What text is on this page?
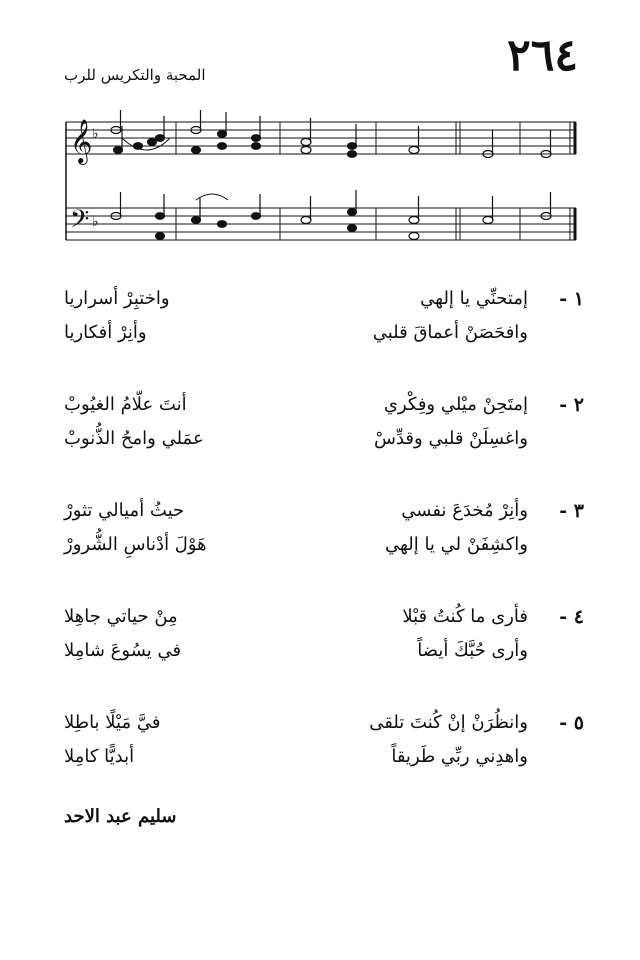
٢٦٤
المحبة والتكريس للرب
𝄞
𝄢
♭
♭
١ -
إمتحنِّي يا إلهي
واختبِرْ أسراريا
وافحَصَنْ أعماقَ قلبي
وأنِرْ أفكاريا
٢ -
إمتَحِنْ ميْلي وفِكْري
أنتَ علّامُ الغيُوبْ
واغسِلَنْ قلبي وقدِّسْ
عمَلي وامحُ الذُّنوبْ
٣ -
وأنِرْ مُخدَعَ نفسي
حيثُ أميالي تثورْ
واكشِفَنْ لي يا إلهي
هَوْلَ أدْناسِ الشُّرورْ
٤ -
فأرى ما كُنتُ قبْلا
مِنْ حياتي جاهِلا
وأرى حُبَّكَ أيضاً
في يسُوعَ شامِلا
٥ -
وانظُرَنْ إنْ كُنتَ تلقى
فيَّ مَيْلًا باطِلا
واهدِني ربِّي طَريقاً
أبديًّا كامِلا
سليم عبد الاحد
